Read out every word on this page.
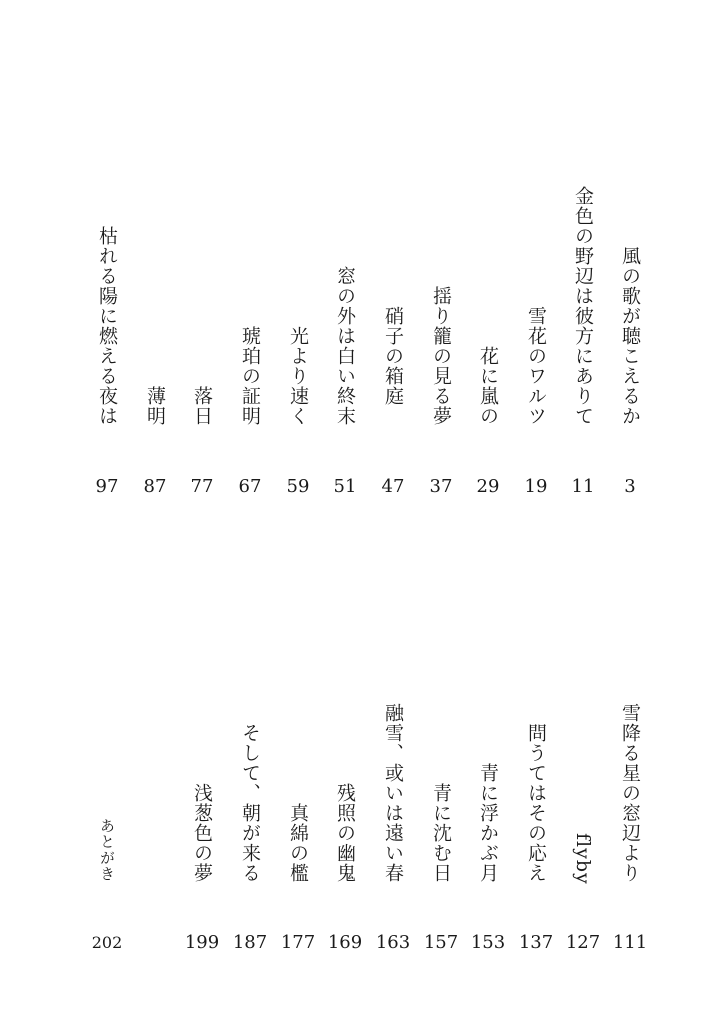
風の歌が聴こえるか
3
金色の野辺は彼方にありて
11
雪花のワルツ
19
花に嵐の
29
揺り籠の見る夢
37
硝子の箱庭
47
窓の外は白い終末
51
光より速く
59
琥珀の証明
67
落日
77
薄明
87
枯れる陽に燃える夜は
97
雪降る星の窓辺より
111
flyby
127
問うてはその応え
137
青に浮かぶ月
153
青に沈む日
157
融雪、或いは遠い春
163
残照の幽鬼
169
真綿の檻
177
そして、朝が来る
187
浅葱色の夢
199
あとがき
202
